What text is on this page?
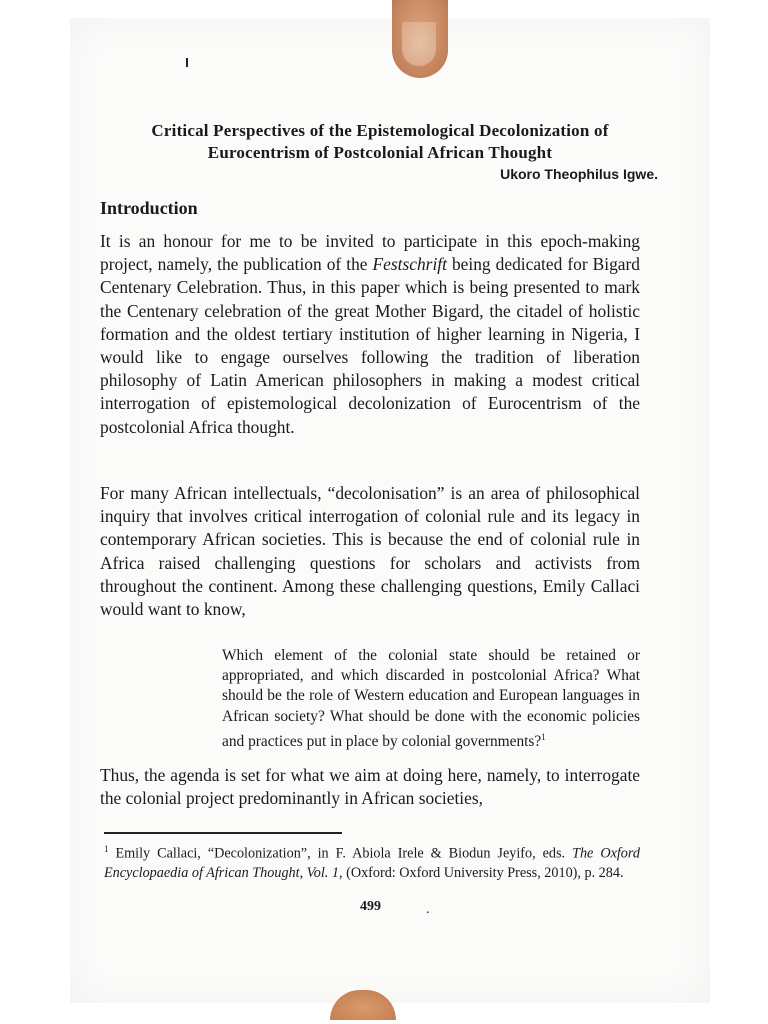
Critical Perspectives of the Epistemological Decolonization of
Eurocentrism of Postcolonial African Thought
Ukoro Theophilus Igwe.
Introduction
It is an honour for me to be invited to participate in this epoch-making project, namely, the publication of the Festschrift being dedicated for Bigard Centenary Celebration. Thus, in this paper which is being presented to mark the Centenary celebration of the great Mother Bigard, the citadel of holistic formation and the oldest tertiary institution of higher learning in Nigeria, I would like to engage ourselves following the tradition of liberation philosophy of Latin American philosophers in making a modest critical interrogation of epistemological decolonization of Eurocentrism of the postcolonial Africa thought.
For many African intellectuals, “decolonisation” is an area of philosophical inquiry that involves critical interrogation of colonial rule and its legacy in contemporary African societies. This is because the end of colonial rule in Africa raised challenging questions for scholars and activists from throughout the continent. Among these challenging questions, Emily Callaci would want to know,
Which element of the colonial state should be retained or appropriated, and which discarded in postcolonial Africa? What should be the role of Western education and European languages in African society? What should be done with the economic policies and practices put in place by colonial governments?$^1$
Thus, the agenda is set for what we aim at doing here, namely, to interrogate the colonial project predominantly in African societies,
$^1$ Emily Callaci, “Decolonization”, in F. Abiola Irele & Biodun Jeyifo, eds. The Oxford Encyclopaedia of African Thought, Vol. 1, (Oxford: Oxford University Press, 2010), p. 284.
499	.
